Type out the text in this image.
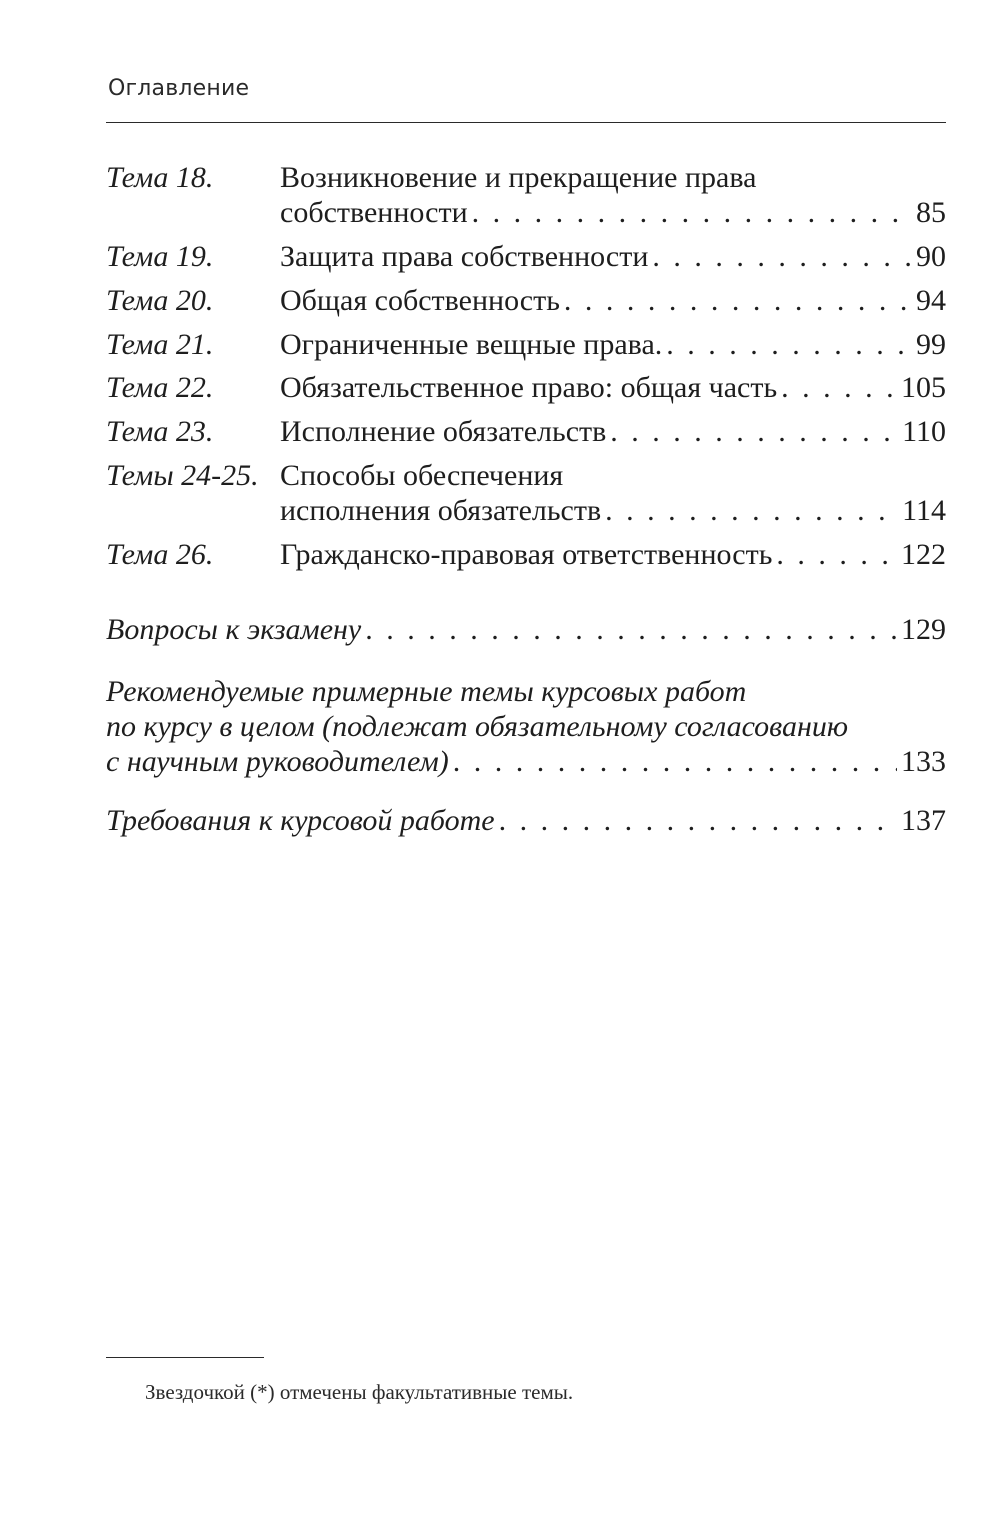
Оглавление
Тема 18. Возникновение и прекращение права
собственности . . .	85
Тема 19. Защита права собственности . . .	90
Тема 20. Общая собственность . . .	94
Тема 21. Ограниченные вещные права. . . .	99
Тема 22. Обязательственное право: общая часть . . .	105
Тема 23. Исполнение обязательств . . .	110
Темы 24-25. Способы обеспечения
исполнения обязательств . . .	114
Тема 26. Гражданско-правовая ответственность . . .	122
Вопросы к экзамену . . .	129
Рекомендуемые примерные темы курсовых работ
по курсу в целом (подлежат обязательному согласованию
с научным руководителем) . . .	133
Требования к курсовой работе . . .	137
Звездочкой (*) отмечены факультативные темы.
